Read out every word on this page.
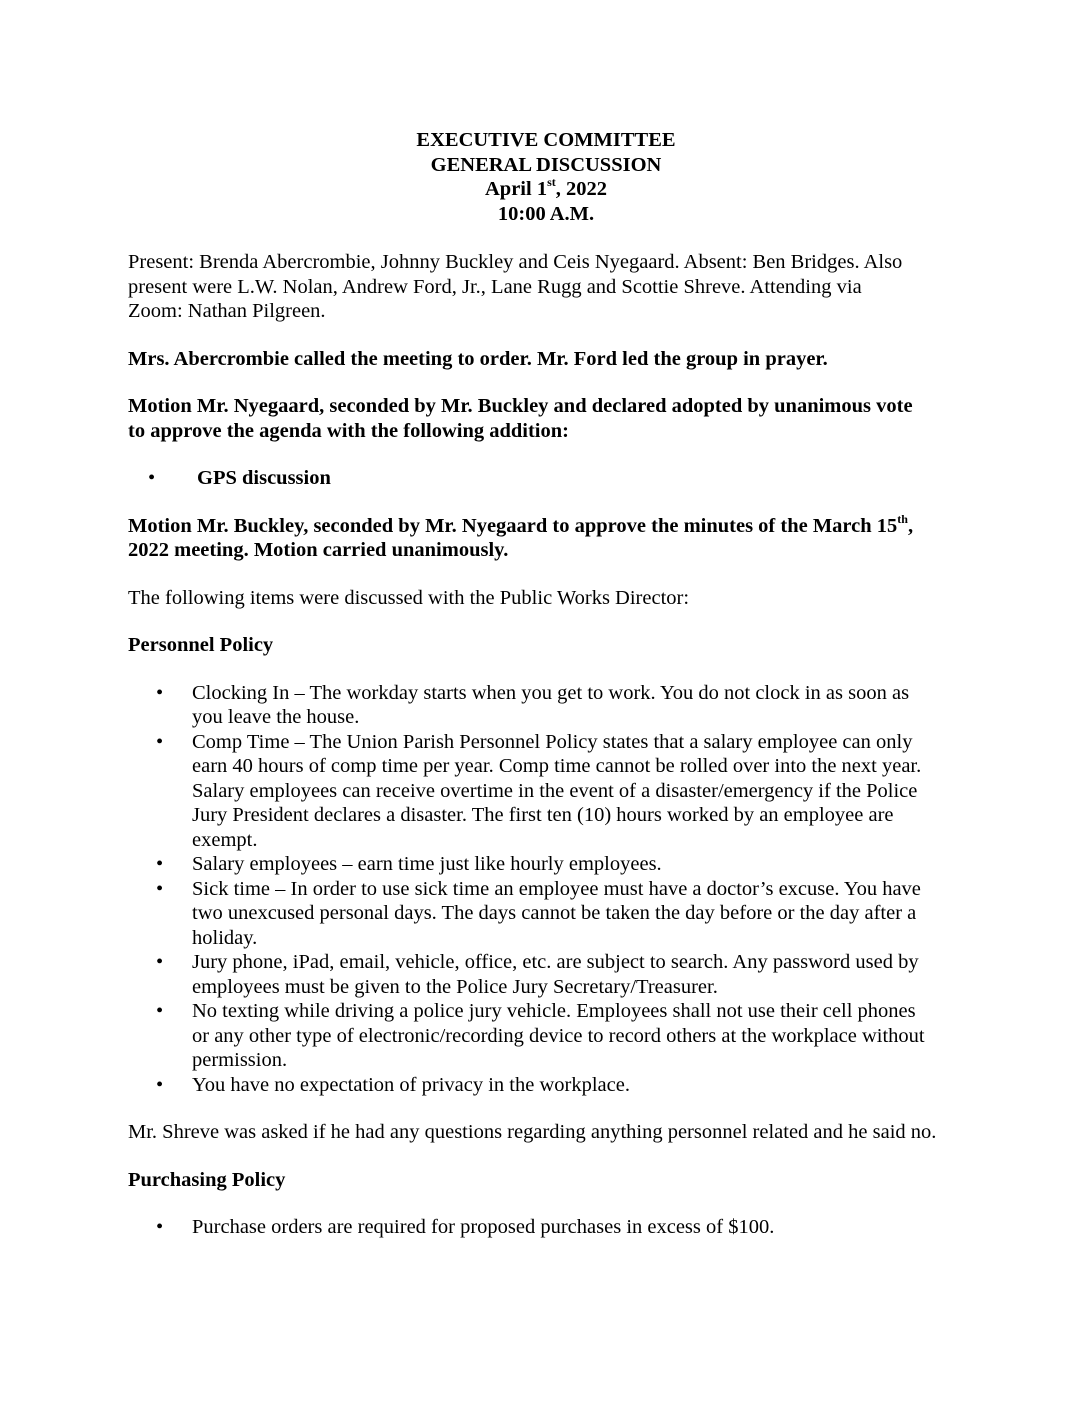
EXECUTIVE COMMITTEE
GENERAL DISCUSSION
April 1st, 2022
10:00 A.M.

Present: Brenda Abercrombie, Johnny Buckley and Ceis Nyegaard. Absent: Ben Bridges. Also
present were L.W. Nolan, Andrew Ford, Jr., Lane Rugg and Scottie Shreve. Attending via
Zoom: Nathan Pilgreen.

Mrs. Abercrombie called the meeting to order. Mr. Ford led the group in prayer.

Motion Mr. Nyegaard, seconded by Mr. Buckley and declared adopted by unanimous vote
to approve the agenda with the following addition:

• GPS discussion

Motion Mr. Buckley, seconded by Mr. Nyegaard to approve the minutes of the March 15th,
2022 meeting. Motion carried unanimously.

The following items were discussed with the Public Works Director:

Personnel Policy

• Clocking In – The workday starts when you get to work. You do not clock in as soon as
you leave the house.
• Comp Time – The Union Parish Personnel Policy states that a salary employee can only
earn 40 hours of comp time per year. Comp time cannot be rolled over into the next year.
Salary employees can receive overtime in the event of a disaster/emergency if the Police
Jury President declares a disaster. The first ten (10) hours worked by an employee are
exempt.
• Salary employees – earn time just like hourly employees.
• Sick time – In order to use sick time an employee must have a doctor’s excuse. You have
two unexcused personal days. The days cannot be taken the day before or the day after a
holiday.
• Jury phone, iPad, email, vehicle, office, etc. are subject to search. Any password used by
employees must be given to the Police Jury Secretary/Treasurer.
• No texting while driving a police jury vehicle. Employees shall not use their cell phones
or any other type of electronic/recording device to record others at the workplace without
permission.
• You have no expectation of privacy in the workplace.

Mr. Shreve was asked if he had any questions regarding anything personnel related and he said no.

Purchasing Policy

• Purchase orders are required for proposed purchases in excess of $100.
